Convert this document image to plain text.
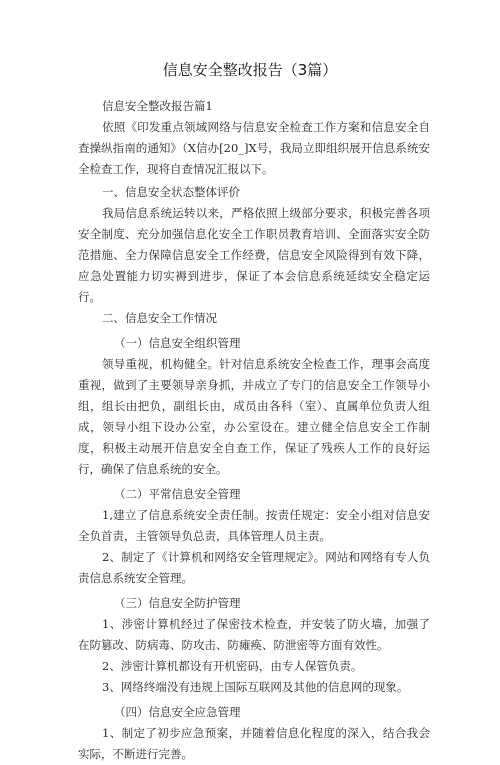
信息安全整改报告（3篇）

信息安全整改报告篇1

依照《印发重点领域网络与信息安全检查工作方案和信息安全自查操纵指南的通知》（X信办[20_]X号，我局立即组织展开信息系统安全检查工作，现将自查情况汇报以下。

一、信息安全状态整体评价

我局信息系统运转以来，严格依照上级部分要求，积极完善各项安全制度、充分加强信息化安全工作职员教育培训、全面落实安全防范措施、全力保障信息安全工作经费，信息安全风险得到有效下降，应急处置能力切实褥到进步，保证了本会信息系统延续安全稳定运行。

二、信息安全工作情况

（一）信息安全组织管理

领导重视，机构健全。针对信息系统安全检查工作，理事会高度重视，做到了主要领导亲身抓，并成立了专门的信息安全工作领导小组，组长由把负，副组长由，成员由各科（室）、直属单位负责人组成，领导小组下设办公室，办公室设在。建立健全信息安全工作制度，积极主动展开信息安全自查工作，保证了残疾人工作的良好运行，确保了信息系统的安全。

（二）平常信息安全管理

1,建立了信息系统安全责任制。按责任规定：安全小组对信息安全负首责，主管领导负总责，具体管理人员主责。

2、制定了《计算机和网络安全管理规定》。网站和网络有专人负责信息系统安全管理。

（三）信息安全防护管理

1、涉密计算机经过了保密技术检查，并安装了防火墙，加强了在防篡改、防病毒、防攻击、防瘫痪、防泄密等方面有效性。

2、涉密计算机都设有开机密码，由专人保管负责。

3、网络终端没有违规上国际互联网及其他的信息网的现象。

（四）信息安全应急管理

1、制定了初步应急预案，并随着信息化程度的深入，结合我会实际，不断进行完善。
